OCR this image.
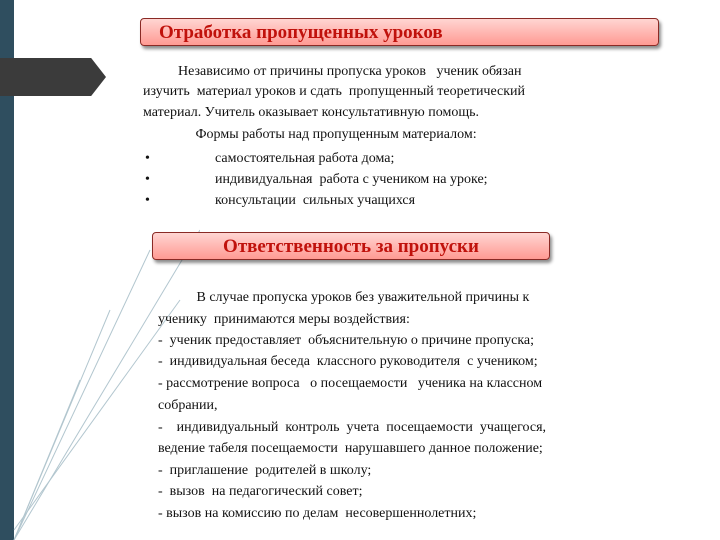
Отработка пропущенных уроков
Независимо от причины пропуска уроков   ученик обязан
изучить  материал уроков и сдать  пропущенный теоретический
материал. Учитель оказывает консультативную помощь.
Формы работы над пропущенным материалом:
•	самостоятельная работа дома;
•	индивидуальная  работа с учеником на уроке;
•	консультации  сильных учащихся
Ответственность за пропуски
В случае пропуска уроков без уважительной причины к
ученику  принимаются меры воздействия:
-  ученик предоставляет  объяснительную о причине пропуска;
-  индивидуальная беседа  классного руководителя  с учеником;
- рассмотрение вопроса   о посещаемости   ученика на классном
собрании,
-    индивидуальный  контроль  учета  посещаемости  учащегося,
ведение табеля посещаемости  нарушавшего данное положение;
-  приглашение  родителей в школу;
-  вызов  на педагогический совет;
- вызов на комиссию по делам  несовершеннолетних;
